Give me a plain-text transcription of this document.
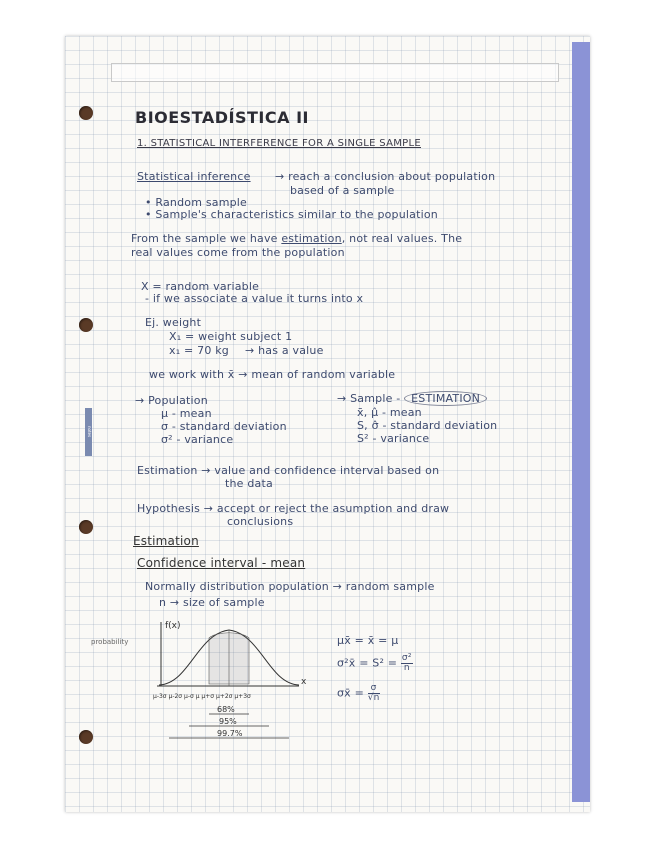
notes
BIOESTADÍSTICA II
1. STATISTICAL INTERFERENCE FOR A SINGLE SAMPLE
Statistical inference → reach a conclusion about population
based of a sample
• Random sample
• Sample's characteristics similar to the population
From the sample we have estimation, not real values. The
real values come from the population
X = random variable
- if we associate a value it turns into x
Ej. weight
X₁ = weight subject 1
x₁ = 70 kg → has a value
we work with x̄ → mean of random variable
→ Population
μ - mean
σ - standard deviation
σ² - variance
→ Sample - ESTIMATION
x̄, μ̂ - mean
S, σ̂ - standard deviation
S² - variance
Estimation → value and confidence interval based on
the data
Hypothesis → accept or reject the asumption and draw
conclusions
Estimation
Confidence interval - mean
Normally distribution population → random sample
n → size of sample
f(x)
x
probability
μ-3σ μ-2σ μ-σ μ μ+σ μ+2σ μ+3σ
68%
95%
99.7%
μx̄ = x̄ = μ
σ²x̄ = $S^2 = \frac{\text{σ²}}{n}$
σx̄ = $\frac{\sigma}{√n}$
